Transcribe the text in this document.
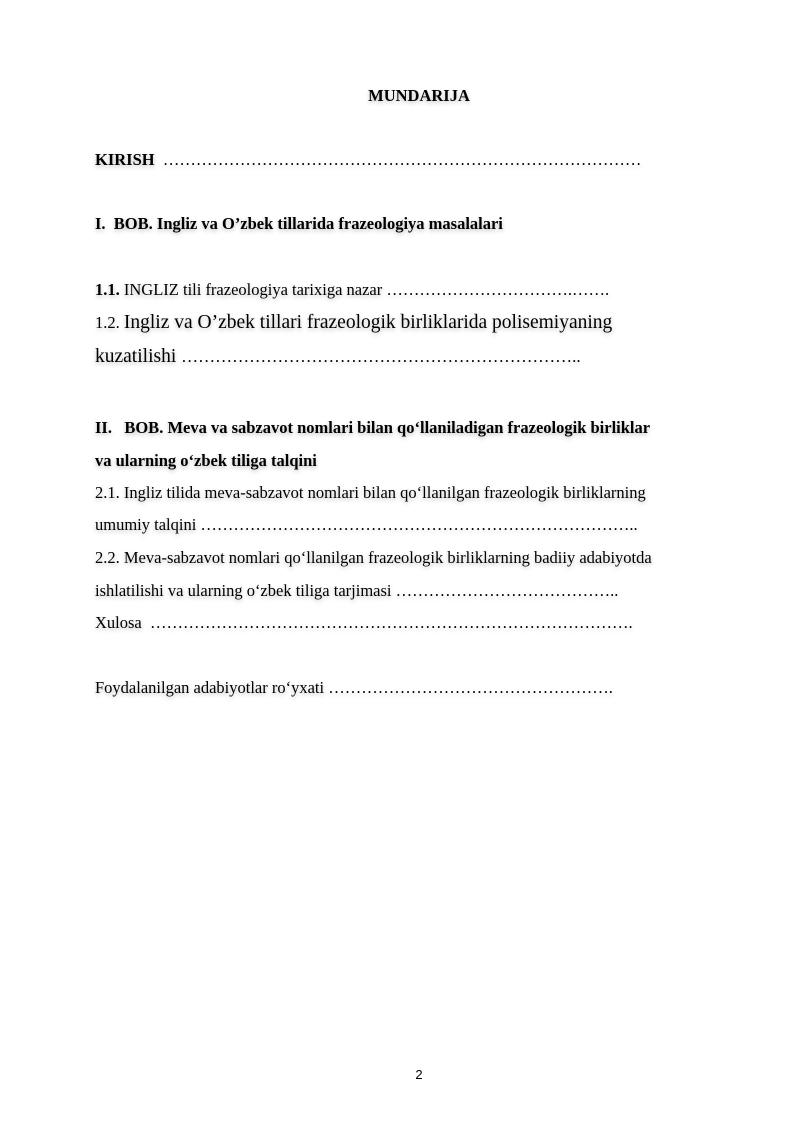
MUNDARIJA
KIRISH ……………………………………………………………………………
I. BOB. Ingliz va O’zbek tillarida frazeologiya masalalari
1.1. INGLIZ tili frazeologiya tarixiga nazar …………………………….…….
1.2. Ingliz va O’zbek tillari frazeologik birliklarida polisemiyaning
kuzatilishi ……………………………………………………………..
II. BOB. Meva va sabzavot nomlari bilan qo‘llaniladigan frazeologik birliklar
va ularning o‘zbek tiliga talqini
2.1. Ingliz tilida meva-sabzavot nomlari bilan qo‘llanilgan frazeologik birliklarning
umumiy talqini ……………………………………………………………………..
2.2. Meva-sabzavot nomlari qo‘llanilgan frazeologik birliklarning badiiy adabiyotda
ishlatilishi va ularning o‘zbek tiliga tarjimasi …………………………………..
Xulosa …………………………………………………………………………….
Foydalanilgan adabiyotlar ro‘yxati …………………………………………….
2
